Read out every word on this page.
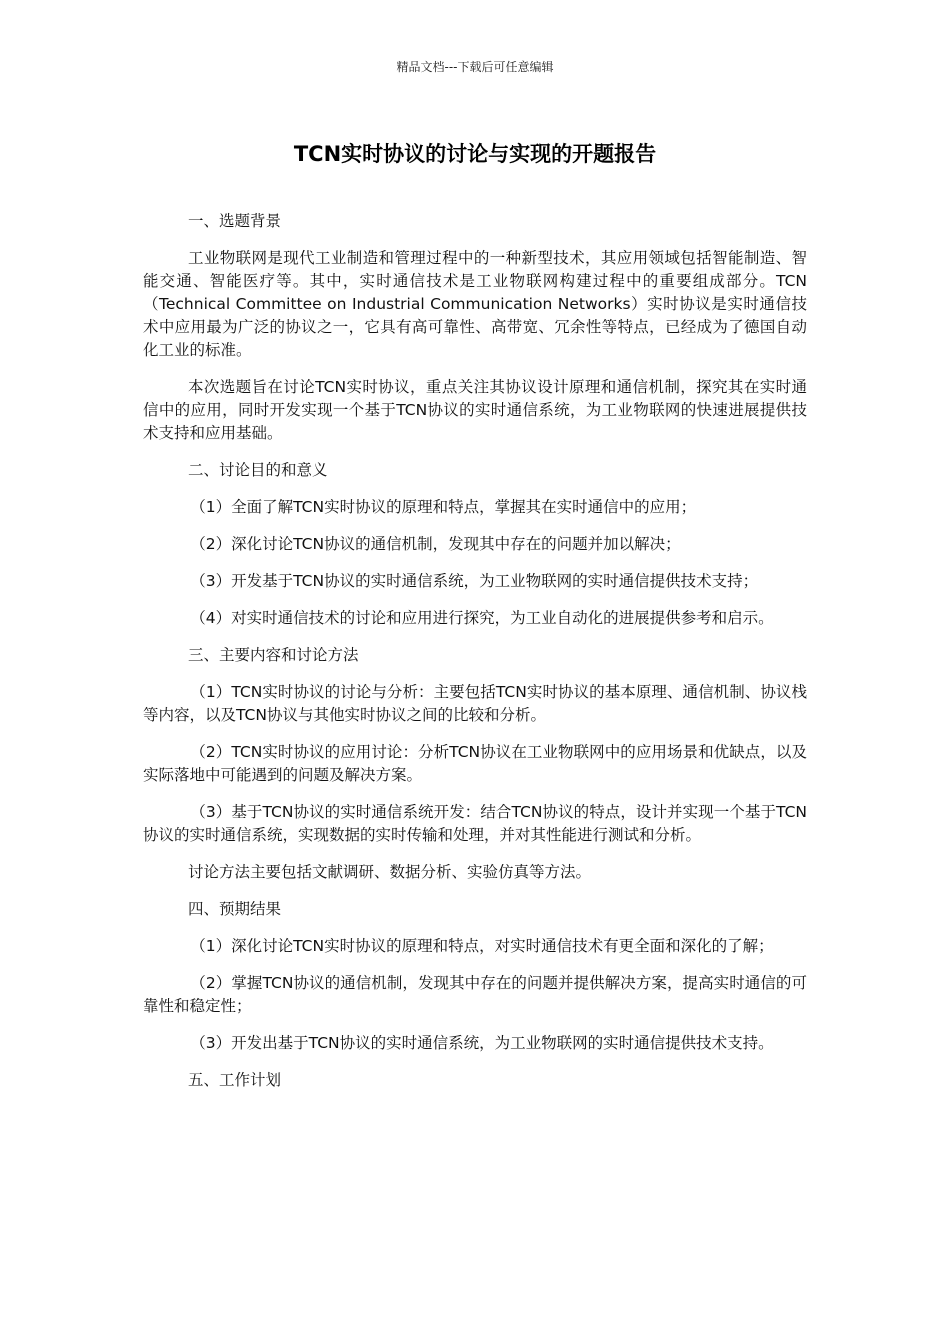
精品文档---下载后可任意编辑
TCN实时协议的讨论与实现的开题报告

一、选题背景

工业物联网是现代工业制造和管理过程中的一种新型技术，其应用领域包括智能制造、智能交通、智能医疗等。其中，实时通信技术是工业物联网构建过程中的重要组成部分。TCN（Technical Committee on Industrial Communication Networks）实时协议是实时通信技术中应用最为广泛的协议之一，它具有高可靠性、高带宽、冗余性等特点，已经成为了德国自动化工业的标准。

本次选题旨在讨论TCN实时协议，重点关注其协议设计原理和通信机制，探究其在实时通信中的应用，同时开发实现一个基于TCN协议的实时通信系统，为工业物联网的快速进展提供技术支持和应用基础。

二、讨论目的和意义

（1）全面了解TCN实时协议的原理和特点，掌握其在实时通信中的应用；

（2）深化讨论TCN协议的通信机制，发现其中存在的问题并加以解决；

（3）开发基于TCN协议的实时通信系统，为工业物联网的实时通信提供技术支持；

（4）对实时通信技术的讨论和应用进行探究，为工业自动化的进展提供参考和启示。

三、主要内容和讨论方法

（1）TCN实时协议的讨论与分析：主要包括TCN实时协议的基本原理、通信机制、协议栈等内容，以及TCN协议与其他实时协议之间的比较和分析。

（2）TCN实时协议的应用讨论：分析TCN协议在工业物联网中的应用场景和优缺点，以及实际落地中可能遇到的问题及解决方案。

（3）基于TCN协议的实时通信系统开发：结合TCN协议的特点，设计并实现一个基于TCN协议的实时通信系统，实现数据的实时传输和处理，并对其性能进行测试和分析。

讨论方法主要包括文献调研、数据分析、实验仿真等方法。

四、预期结果

（1）深化讨论TCN实时协议的原理和特点，对实时通信技术有更全面和深化的了解；

（2）掌握TCN协议的通信机制，发现其中存在的问题并提供解决方案，提高实时通信的可靠性和稳定性；

（3）开发出基于TCN协议的实时通信系统，为工业物联网的实时通信提供技术支持。

五、工作计划
